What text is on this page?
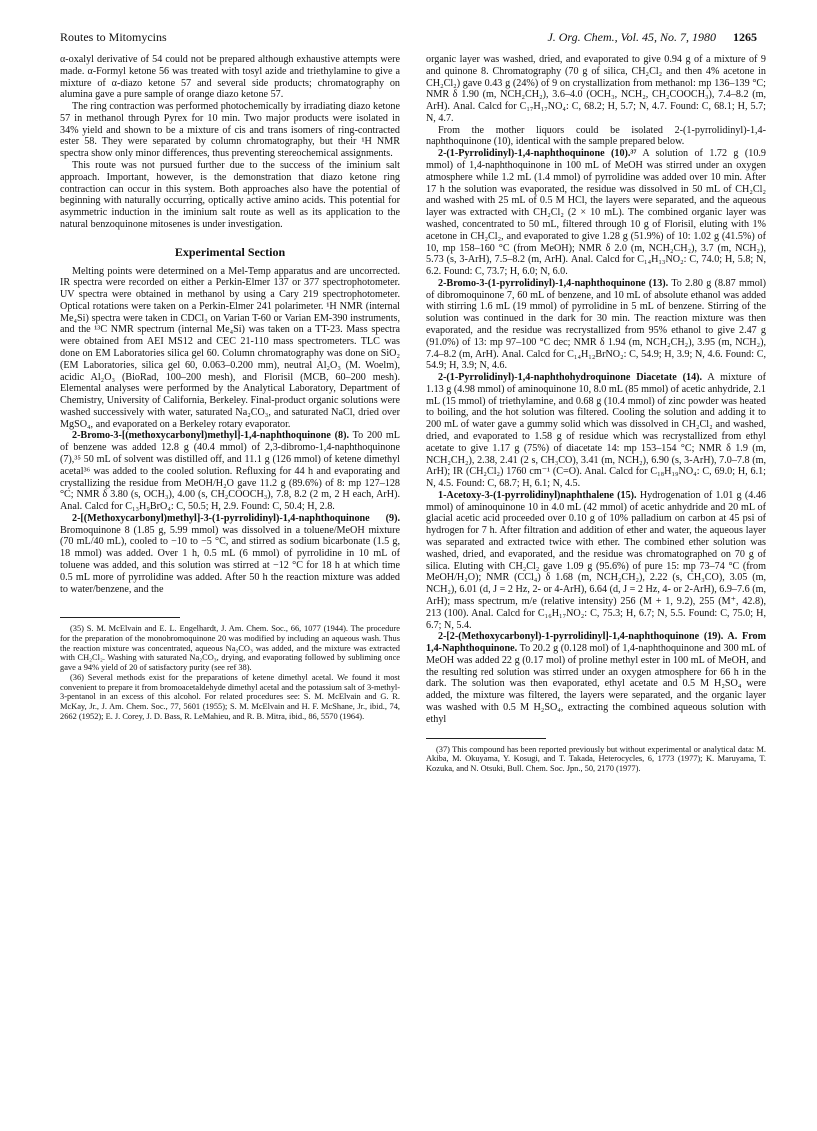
Routes to Mitomycins	J. Org. Chem., Vol. 45, No. 7, 1980 1265

α-oxalyl derivative of 54 could not be prepared although exhaustive attempts were made. α-Formyl ketone 56 was treated with tosyl azide and triethylamine to give a mixture of α-diazo ketone 57 and several side products; chromatography on alumina gave a pure sample of orange diazo ketone 57.

The ring contraction was performed photochemically by irradiating diazo ketone 57 in methanol through Pyrex for 10 min. Two major products were isolated in 34% yield and shown to be a mixture of cis and trans isomers of ring-contracted ester 58. They were separated by column chromatography, but their ¹H NMR spectra show only minor differences, thus preventing stereochemical assignments.

This route was not pursued further due to the success of the iminium salt approach. Important, however, is the demonstration that diazo ketone ring contraction can occur in this system. Both approaches also have the potential of beginning with naturally occurring, optically active amino acids. This potential for asymmetric induction in the iminium salt route as well as its application to the natural benzoquinone mitosenes is under investigation.

Experimental Section

Melting points were determined on a Mel-Temp apparatus and are uncorrected. IR spectra were recorded on either a Perkin-Elmer 137 or 377 spectrophotometer. UV spectra were obtained in methanol by using a Cary 219 spectrophotometer. Optical rotations were taken on a Perkin-Elmer 241 polarimeter. ¹H NMR (internal Me₄Si) spectra were taken in CDCl₃ on Varian T-60 or Varian EM-390 instruments, and the ¹³C NMR spectrum (internal Me₄Si) was taken on a TT-23. Mass spectra were obtained from AEI MS12 and CEC 21-110 mass spectrometers. TLC was done on EM Laboratories silica gel 60. Column chromatography was done on SiO₂ (EM Laboratories, silica gel 60, 0.063–0.200 mm), neutral Al₂O₃ (M. Woelm), acidic Al₂O₃ (BioRad, 100–200 mesh), and Florisil (MCB, 60–200 mesh). Elemental analyses were performed by the Analytical Laboratory, Department of Chemistry, University of California, Berkeley. Final-product organic solutions were washed successively with water, saturated Na₂CO₃, and saturated NaCl, dried over MgSO₄, and evaporated on a Berkeley rotary evaporator.

2-Bromo-3-[(methoxycarbonyl)methyl]-1,4-naphthoquinone (8). To 200 mL of benzene was added 12.8 g (40.4 mmol) of 2,3-dibromo-1,4-naphthoquinone (7),³⁵ 50 mL of solvent was distilled off, and 11.1 g (126 mmol) of ketene dimethyl acetal³⁶ was added to the cooled solution. Refluxing for 44 h and evaporating and crystallizing the residue from MeOH/H₂O gave 11.2 g (89.6%) of 8: mp 127–128 °C; NMR δ 3.80 (s, OCH₃), 4.00 (s, CH₂COOCH₃), 7.8, 8.2 (2 m, 2 H each, ArH). Anal. Calcd for C₁₃H₉BrO₄: C, 50.5; H, 2.9. Found: C, 50.4; H, 2.8.

2-[(Methoxycarbonyl)methyl]-3-(1-pyrrolidinyl)-1,4-naphthoquinone (9). Bromoquinone 8 (1.85 g, 5.99 mmol) was dissolved in a toluene/MeOH mixture (70 mL/40 mL), cooled to −10 to −5 °C, and stirred as sodium bicarbonate (1.5 g, 18 mmol) was added. Over 1 h, 0.5 mL (6 mmol) of pyrrolidine in 10 mL of toluene was added, and this solution was stirred at −12 °C for 18 h at which time 0.5 mL more of pyrrolidine was added. After 50 h the reaction mixture was added to water/benzene, and the

(35) S. M. McElvain and E. L. Engelhardt, J. Am. Chem. Soc., 66, 1077 (1944). The procedure for the preparation of the monobromoquinone 20 was modified by including an aqueous wash. Thus the reaction mixture was concentrated, aqueous Na₂CO₃ was added, and the mixture was extracted with CH₂Cl₂. Washing with saturated Na₂CO₃, drying, and evaporating followed by subliming once gave a 94% yield of 20 of satisfactory purity (see ref 38).

(36) Several methods exist for the preparations of ketene dimethyl acetal. We found it most convenient to prepare it from bromoacetaldehyde dimethyl acetal and the potassium salt of 3-methyl-3-pentanol in an excess of this alcohol. For related procedures see: S. M. McElvain and G. R. McKay, Jr., J. Am. Chem. Soc., 77, 5601 (1955); S. M. McElvain and H. F. McShane, Jr., ibid., 74, 2662 (1952); E. J. Corey, J. D. Bass, R. LeMahieu, and R. B. Mitra, ibid., 86, 5570 (1964).

organic layer was washed, dried, and evaporated to give 0.94 g of a mixture of 9 and quinone 8. Chromatography (70 g of silica, CH₂Cl₂ and then 4% acetone in CH₂Cl₂) gave 0.43 g (24%) of 9 on crystallization from methanol: mp 136–139 °C; NMR δ 1.90 (m, NCH₂CH₂), 3.6–4.0 (OCH₃, NCH₂, CH₂COOCH₃), 7.4–8.2 (m, ArH). Anal. Calcd for C₁₇H₁₇NO₄: C, 68.2; H, 5.7; N, 4.7. Found: C, 68.1; H, 5.7; N, 4.7.

From the mother liquors could be isolated 2-(1-pyrrolidinyl)-1,4-naphthoquinone (10), identical with the sample prepared below.

2-(1-Pyrrolidinyl)-1,4-naphthoquinone (10).³⁷ A solution of 1.72 g (10.9 mmol) of 1,4-naphthoquinone in 100 mL of MeOH was stirred under an oxygen atmosphere while 1.2 mL (1.4 mmol) of pyrrolidine was added over 10 min. After 17 h the solution was evaporated, the residue was dissolved in 50 mL of CH₂Cl₂ and washed with 25 mL of 0.5 M HCl, the layers were separated, and the aqueous layer was extracted with CH₂Cl₂ (2 × 10 mL). The combined organic layer was washed, concentrated to 50 mL, filtered through 10 g of Florisil, eluting with 1% acetone in CH₂Cl₂, and evaporated to give 1.28 g (51.9%) of 10: 1.02 g (41.5%) of 10, mp 158–160 °C (from MeOH); NMR δ 2.0 (m, NCH₂CH₂), 3.7 (m, NCH₂), 5.73 (s, 3-ArH), 7.5–8.2 (m, ArH). Anal. Calcd for C₁₄H₁₃NO₂: C, 74.0; H, 5.8; N, 6.2. Found: C, 73.7; H, 6.0; N, 6.0.

2-Bromo-3-(1-pyrrolidinyl)-1,4-naphthoquinone (13). To 2.80 g (8.87 mmol) of dibromoquinone 7, 60 mL of benzene, and 10 mL of absolute ethanol was added with stirring 1.6 mL (19 mmol) of pyrrolidine in 5 mL of benzene. Stirring of the solution was continued in the dark for 30 min. The reaction mixture was then evaporated, and the residue was recrystallized from 95% ethanol to give 2.47 g (91.0%) of 13: mp 97–100 °C dec; NMR δ 1.94 (m, NCH₂CH₂), 3.95 (m, NCH₂), 7.4–8.2 (m, ArH). Anal. Calcd for C₁₄H₁₂BrNO₂: C, 54.9; H, 3.9; N, 4.6. Found: C, 54.9; H, 3.9; N, 4.6.

2-(1-Pyrrolidinyl)-1,4-naphthohydroquinone Diacetate (14). A mixture of 1.13 g (4.98 mmol) of aminoquinone 10, 8.0 mL (85 mmol) of acetic anhydride, 2.1 mL (15 mmol) of triethylamine, and 0.68 g (10.4 mmol) of zinc powder was heated to boiling, and the hot solution was filtered. Cooling the solution and adding it to 200 mL of water gave a gummy solid which was dissolved in CH₂Cl₂ and washed, dried, and evaporated to 1.58 g of residue which was recrystallized from ethyl acetate to give 1.17 g (75%) of diacetate 14: mp 153–154 °C; NMR δ 1.9 (m, NCH₂CH₂), 2.38, 2.41 (2 s, CH₃CO), 3.41 (m, NCH₂), 6.90 (s, 3-ArH), 7.0–7.8 (m, ArH); IR (CH₂Cl₂) 1760 cm⁻¹ (C=O). Anal. Calcd for C₁₈H₁₉NO₄: C, 69.0; H, 6.1; N, 4.5. Found: C, 68.7; H, 6.1; N, 4.5.

1-Acetoxy-3-(1-pyrrolidinyl)naphthalene (15). Hydrogenation of 1.01 g (4.46 mmol) of aminoquinone 10 in 4.0 mL (42 mmol) of acetic anhydride and 20 mL of glacial acetic acid proceeded over 0.10 g of 10% palladium on carbon at 45 psi of hydrogen for 7 h. After filtration and addition of ether and water, the aqueous layer was separated and extracted twice with ether. The combined ether solution was washed, dried, and evaporated, and the residue was chromatographed on 70 g of silica. Eluting with CH₂Cl₂ gave 1.09 g (95.6%) of pure 15: mp 73–74 °C (from MeOH/H₂O); NMR (CCl₄) δ 1.68 (m, NCH₂CH₂), 2.22 (s, CH₃CO), 3.05 (m, NCH₂), 6.01 (d, J = 2 Hz, 2- or 4-ArH), 6.64 (d, J = 2 Hz, 4- or 2-ArH), 6.9–7.6 (m, ArH); mass spectrum, m/e (relative intensity) 256 (M + 1, 9.2), 255 (M⁺, 42.8), 213 (100). Anal. Calcd for C₁₆H₁₇NO₂: C, 75.3; H, 6.7; N, 5.5. Found: C, 75.0; H, 6.7; N, 5.4.

2-[2-(Methoxycarbonyl)-1-pyrrolidinyl]-1,4-naphthoquinone (19). A. From 1,4-Naphthoquinone. To 20.2 g (0.128 mol) of 1,4-naphthoquinone and 300 mL of MeOH was added 22 g (0.17 mol) of proline methyl ester in 100 mL of MeOH, and the resulting red solution was stirred under an oxygen atmosphere for 66 h in the dark. The solution was then evaporated, ethyl acetate and 0.5 M H₂SO₄ were added, the mixture was filtered, the layers were separated, and the organic layer was washed with 0.5 M H₂SO₄, extracting the combined aqueous solution with ethyl

(37) This compound has been reported previously but without experimental or analytical data: M. Akiba, M. Okuyama, Y. Kosugi, and T. Takada, Heterocycles, 6, 1773 (1977); K. Maruyama, T. Kozuka, and N. Otsuki, Bull. Chem. Soc. Jpn., 50, 2170 (1977).
